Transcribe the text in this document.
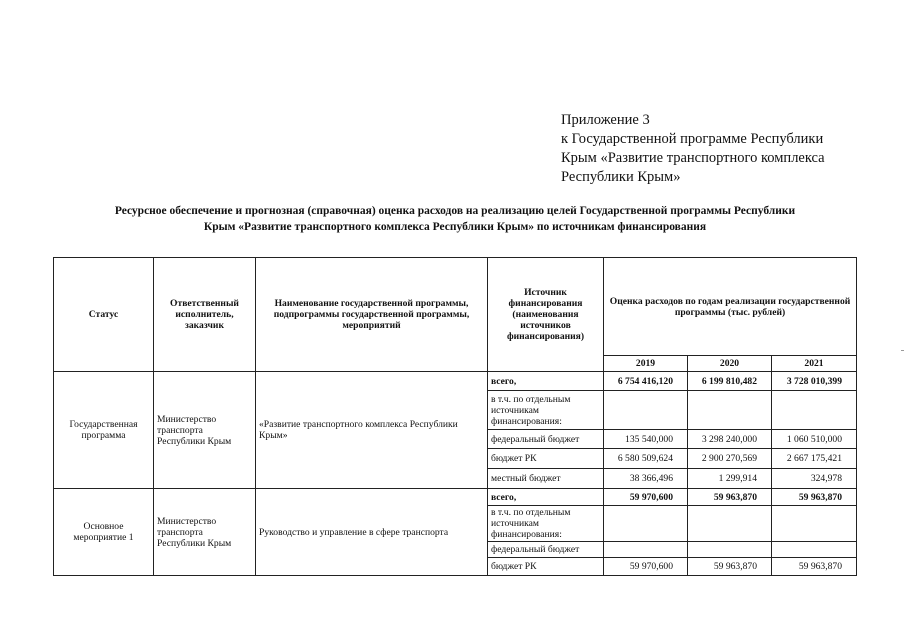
Приложение 3
к Государственной программе Республики
Крым «Развитие транспортного комплекса
Республики Крым»
Ресурсное обеспечение и прогнозная (справочная) оценка расходов на реализацию целей Государственной программы Республики
Крым «Развитие транспортного комплекса Республики Крым» по источникам финансирования
Статус	Ответственный исполнитель, заказчик	Наименование государственной программы, подпрограммы государственной программы, мероприятий	Источник финансирования (наименования источников финансирования)	Оценка расходов по годам реализации государственной программы (тыс. рублей)		
				2019	2020	2021
Государственная программа	Министерство транспорта Республики Крым	«Развитие транспортного комплекса Республики Крым»	всего,	6 754 416,120	6 199 810,482	3 728 010,399
			в т.ч. по отдельным источникам финансирования:			
			федеральный бюджет	135 540,000	3 298 240,000	1 060 510,000
			бюджет РК	6 580 509,624	2 900 270,569	2 667 175,421
			местный бюджет	38 366,496	1 299,914	324,978
Основное мероприятие 1	Министерство транспорта Республики Крым	Руководство и управление в сфере транспорта	всего,	59 970,600	59 963,870	59 963,870
			в т.ч. по отдельным источникам финансирования:			
			федеральный бюджет			
			бюджет РК	59 970,600	59 963,870	59 963,870
